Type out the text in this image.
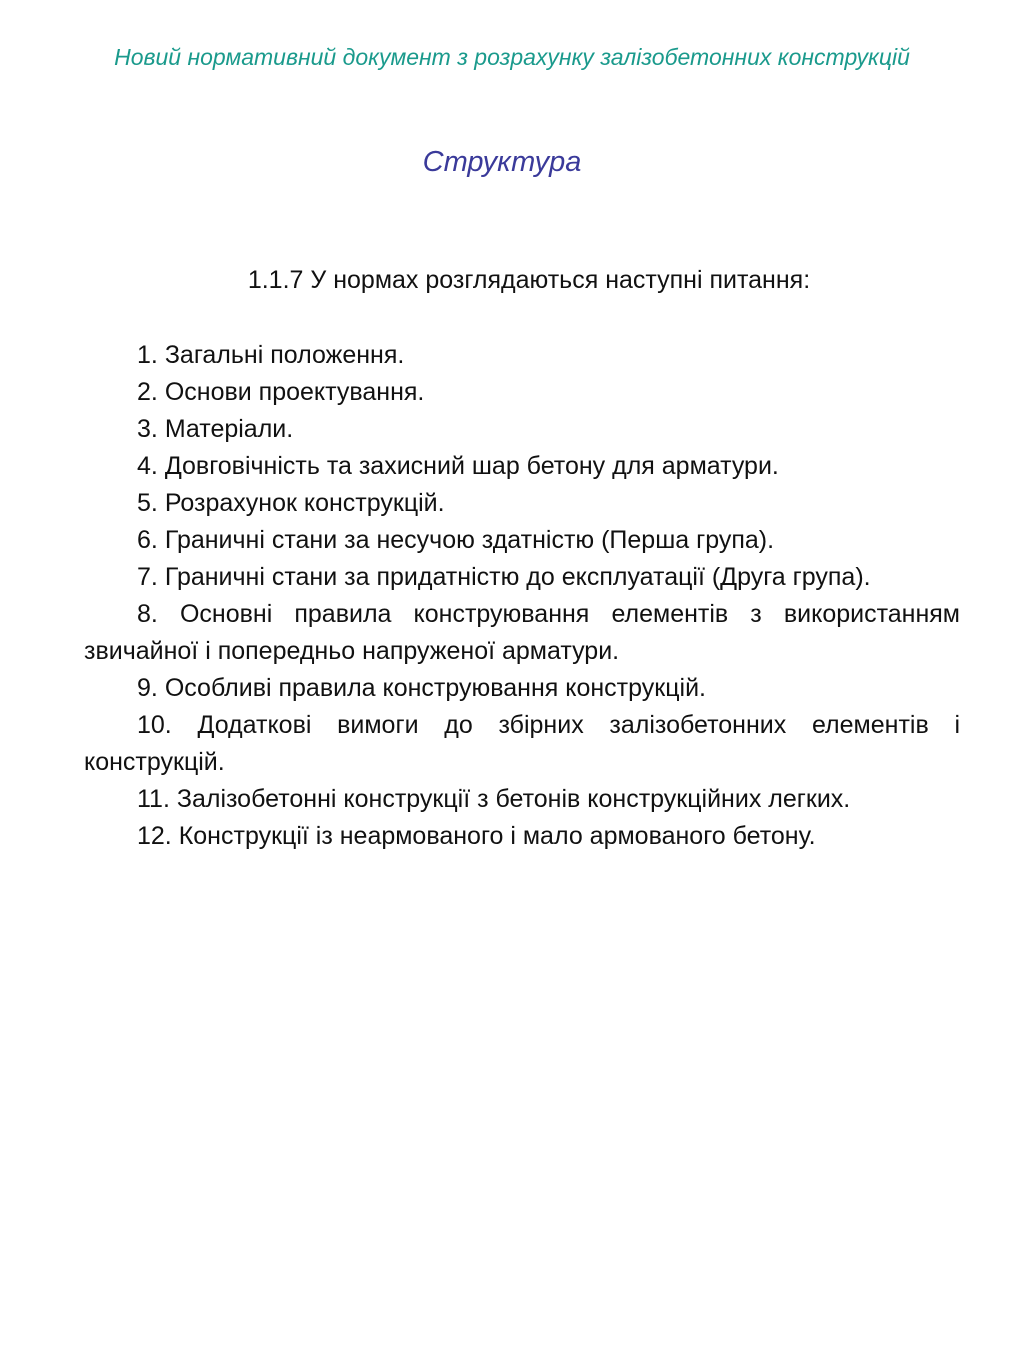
Новий нормативний документ з розрахунку залізобетонних конструкцій
Структура

1.1.7 У нормах розглядаються наступні питання:

1. Загальні положення.
2. Основи проектування.
3. Матеріали.
4. Довговічність та захисний шар бетону для арматури.
5. Розрахунок конструкцій.
6. Граничні стани за несучою здатністю (Перша група).
7. Граничні стани за придатністю до експлуатації (Друга група).
8. Основні правила конструювання елементів з використанням звичайної і попередньо напруженої арматури.
9. Особливі правила конструювання конструкцій.
10. Додаткові вимоги до збірних залізобетонних елементів і конструкцій.
11. Залізобетонні конструкції з бетонів конструкційних легких.
12. Конструкції із неармованого і мало армованого бетону.
